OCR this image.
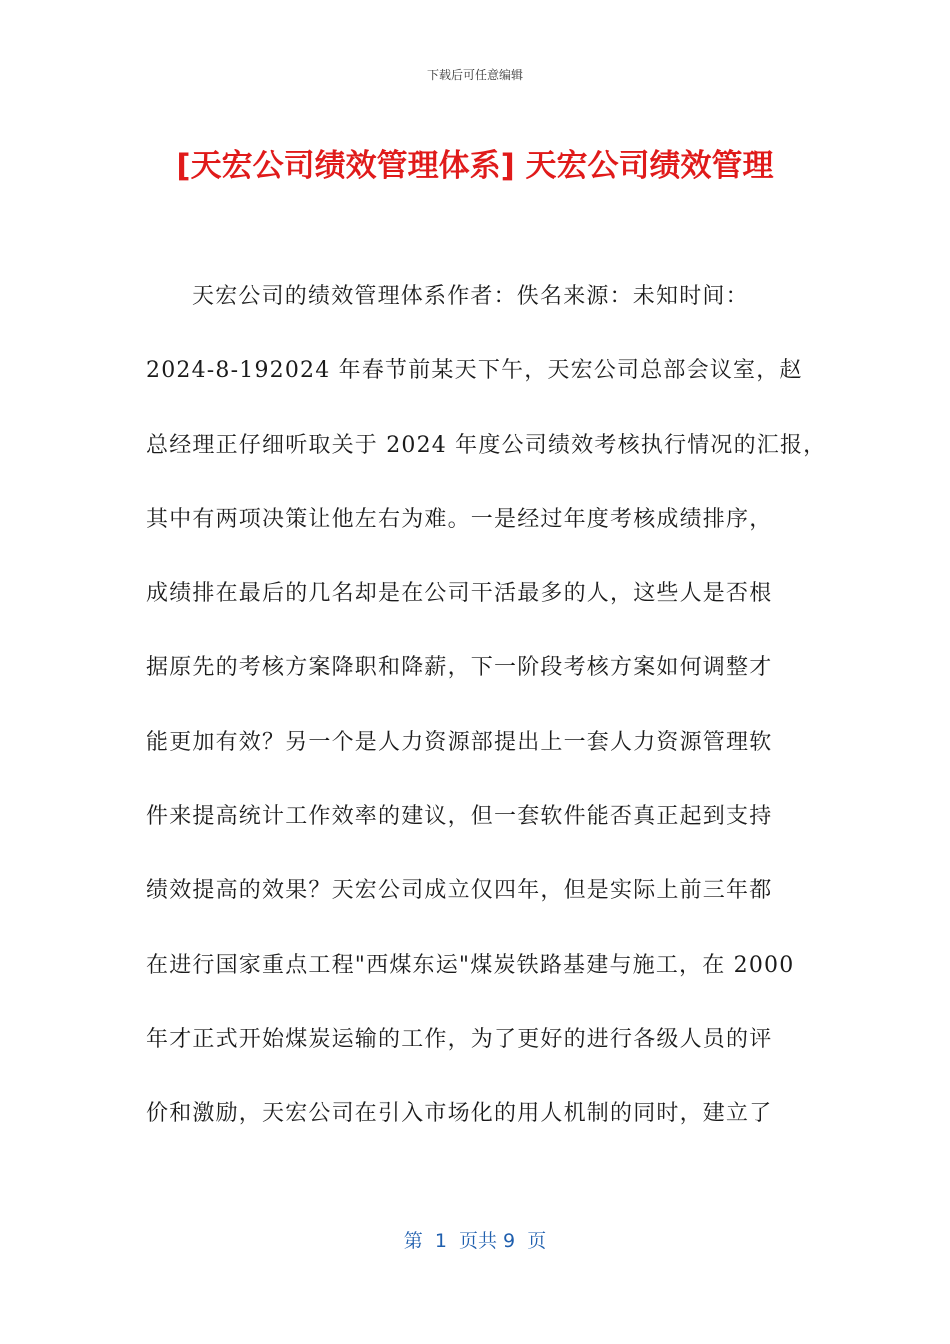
下载后可任意编辑
[天宏公司绩效管理体系] 天宏公司绩效管理
天宏公司的绩效管理体系作者：佚名来源：未知时间：
2024-8-192024 年春节前某天下午，天宏公司总部会议室，赵
总经理正仔细听取关于 2024 年度公司绩效考核执行情况的汇报，
其中有两项决策让他左右为难。一是经过年度考核成绩排序，
成绩排在最后的几名却是在公司干活最多的人，这些人是否根
据原先的考核方案降职和降薪，下一阶段考核方案如何调整才
能更加有效？另一个是人力资源部提出上一套人力资源管理软
件来提高统计工作效率的建议，但一套软件能否真正起到支持
绩效提高的效果？天宏公司成立仅四年，但是实际上前三年都
在进行国家重点工程"西煤东运"煤炭铁路基建与施工，在 2000
年才正式开始煤炭运输的工作，为了更好的进行各级人员的评
价和激励，天宏公司在引入市场化的用人机制的同时，建立了
第  1  页共 9  页
